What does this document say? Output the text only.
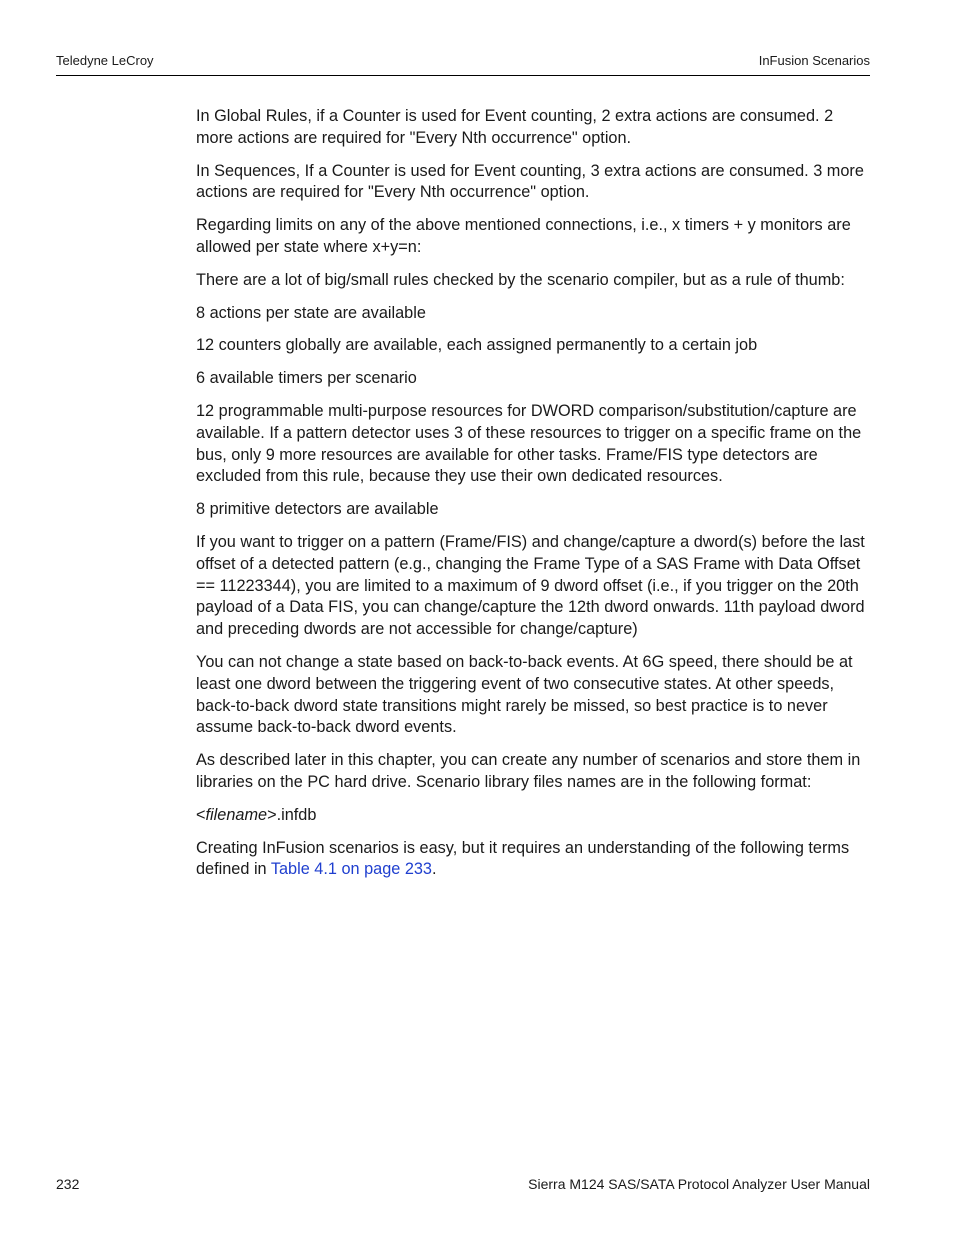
Teledyne LeCroy	InFusion Scenarios

In Global Rules, if a Counter is used for Event counting, 2 extra actions are consumed. 2 more actions are required for "Every Nth occurrence" option.

In Sequences, If a Counter is used for Event counting, 3 extra actions are consumed. 3 more actions are required for "Every Nth occurrence" option.

Regarding limits on any of the above mentioned connections, i.e., x timers + y monitors are allowed per state where x+y=n:

There are a lot of big/small rules checked by the scenario compiler, but as a rule of thumb:

8 actions per state are available

12 counters globally are available, each assigned permanently to a certain job

6 available timers per scenario

12 programmable multi-purpose resources for DWORD comparison/substitution/capture are available. If a pattern detector uses 3 of these resources to trigger on a specific frame on the bus, only 9 more resources are available for other tasks. Frame/FIS type detectors are excluded from this rule, because they use their own dedicated resources.

8 primitive detectors are available

If you want to trigger on a pattern (Frame/FIS) and change/capture a dword(s) before the last offset of a detected pattern (e.g., changing the Frame Type of a SAS Frame with Data Offset == 11223344), you are limited to a maximum of 9 dword offset (i.e., if you trigger on the 20th payload of a Data FIS, you can change/capture the 12th dword onwards. 11th payload dword and preceding dwords are not accessible for change/capture)

You can not change a state based on back-to-back events. At 6G speed, there should be at least one dword between the triggering event of two consecutive states. At other speeds, back-to-back dword state transitions might rarely be missed, so best practice is to never assume back-to-back dword events.

As described later in this chapter, you can create any number of scenarios and store them in libraries on the PC hard drive. Scenario library files names are in the following format:

<filename>.infdb

Creating InFusion scenarios is easy, but it requires an understanding of the following terms defined in Table 4.1 on page 233.

232	Sierra M124 SAS/SATA Protocol Analyzer User Manual
